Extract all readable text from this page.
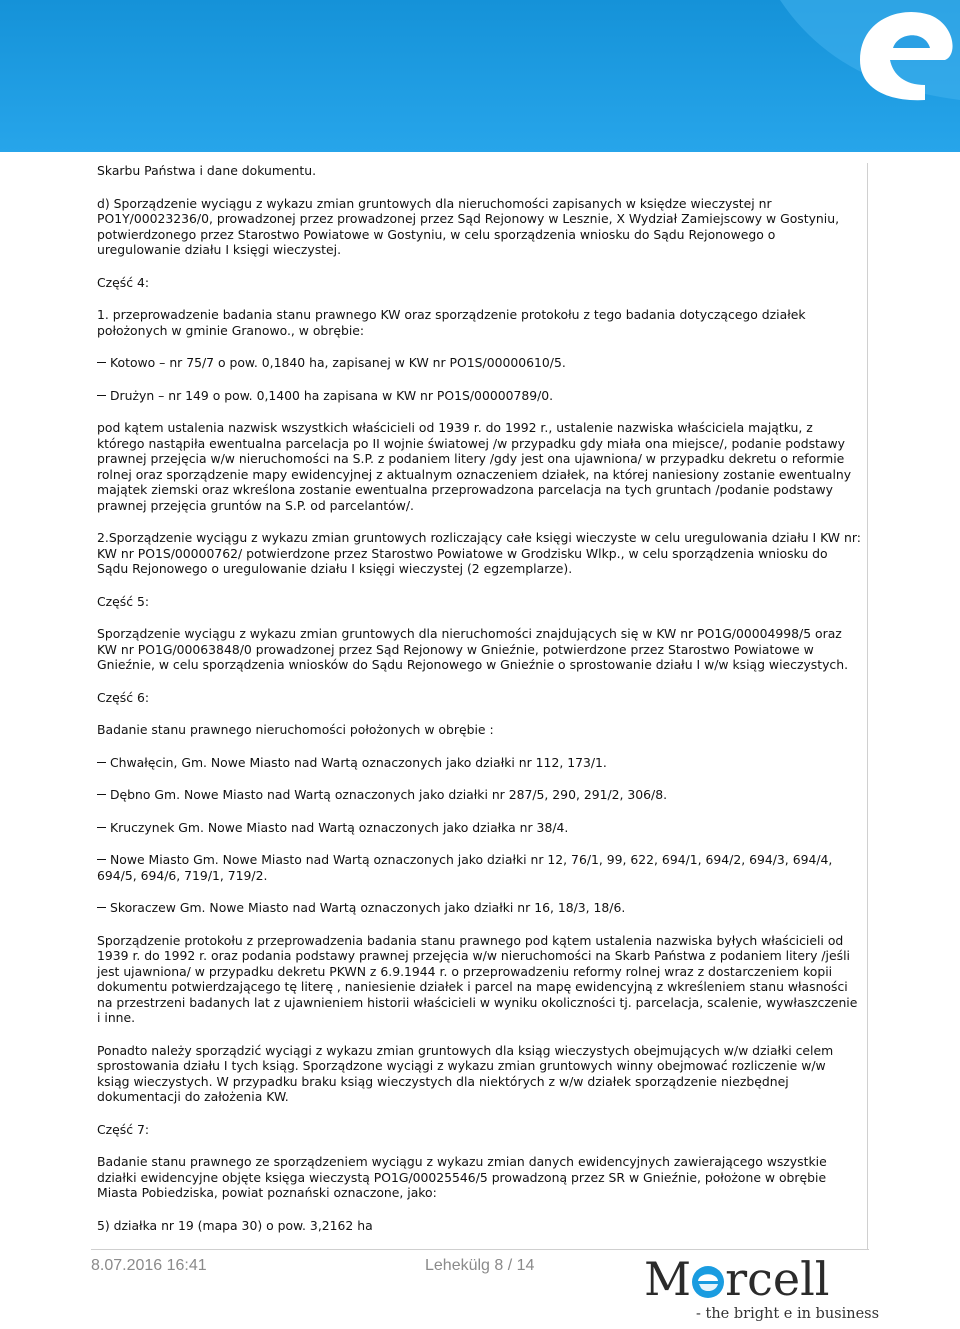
Skarbu Państwa i dane dokumentu.

d) Sporządzenie wyciągu z wykazu zmian gruntowych dla nieruchomości zapisanych w księdze wieczystej nr PO1Y/00023236/0, prowadzonej przez prowadzonej przez Sąd Rejonowy w Lesznie, X Wydział Zamiejscowy w Gostyniu, potwierdzonego przez Starostwo Powiatowe w Gostyniu, w celu sporządzenia wniosku do Sądu Rejonowego o uregulowanie działu I księgi wieczystej.

Część 4:

1. przeprowadzenie badania stanu prawnego KW oraz sporządzenie protokołu z tego badania dotyczącego działek położonych w gminie Granowo., w obrębie:

Kotowo – nr 75/7 o pow. 0,1840 ha, zapisanej w KW nr PO1S/00000610/5.

Drużyn – nr 149 o pow. 0,1400 ha zapisana w KW nr PO1S/00000789/0.

pod kątem ustalenia nazwisk wszystkich właścicieli od 1939 r. do 1992 r., ustalenie nazwiska właściciela majątku, z którego nastąpiła ewentualna parcelacja po II wojnie światowej /w przypadku gdy miała ona miejsce/, podanie podstawy prawnej przejęcia w/w nieruchomości na S.P. z podaniem litery /gdy jest ona ujawniona/ w przypadku dekretu o reformie rolnej oraz sporządzenie mapy ewidencyjnej z aktualnym oznaczeniem działek, na której naniesiony zostanie ewentualny majątek ziemski oraz wkreślona zostanie ewentualna przeprowadzona parcelacja na tych gruntach /podanie podstawy prawnej przejęcia gruntów na S.P. od parcelantów/.

2.Sporządzenie wyciągu z wykazu zmian gruntowych rozliczający całe księgi wieczyste w celu uregulowania działu I KW nr: KW nr PO1S/00000762/ potwierdzone przez Starostwo Powiatowe w Grodzisku Wlkp., w celu sporządzenia wniosku do Sądu Rejonowego o uregulowanie działu I księgi wieczystej (2 egzemplarze).

Część 5:

Sporządzenie wyciągu z wykazu zmian gruntowych dla nieruchomości znajdujących się w KW nr PO1G/00004998/5 oraz KW nr PO1G/00063848/0 prowadzonej przez Sąd Rejonowy w Gnieźnie, potwierdzone przez Starostwo Powiatowe w Gnieźnie, w celu sporządzenia wniosków do Sądu Rejonowego w Gnieźnie o sprostowanie działu I w/w ksiąg wieczystych.

Część 6:

Badanie stanu prawnego nieruchomości położonych w obrębie :

Chwałęcin, Gm. Nowe Miasto nad Wartą oznaczonych jako działki nr 112, 173/1.

Dębno Gm. Nowe Miasto nad Wartą oznaczonych jako działki nr 287/5, 290, 291/2, 306/8.

Kruczynek Gm. Nowe Miasto nad Wartą oznaczonych jako działka nr 38/4.

Nowe Miasto Gm. Nowe Miasto nad Wartą oznaczonych jako działki nr 12, 76/1, 99, 622, 694/1, 694/2, 694/3, 694/4, 694/5, 694/6, 719/1, 719/2.

Skoraczew Gm. Nowe Miasto nad Wartą oznaczonych jako działki nr 16, 18/3, 18/6.

Sporządzenie protokołu z przeprowadzenia badania stanu prawnego pod kątem ustalenia nazwiska byłych właścicieli od 1939 r. do 1992 r. oraz podania podstawy prawnej przejęcia w/w nieruchomości na Skarb Państwa z podaniem litery /jeśli jest ujawniona/ w przypadku dekretu PKWN z 6.9.1944 r. o przeprowadzeniu reformy rolnej wraz z dostarczeniem kopii dokumentu potwierdzającego tę literę , naniesienie działek i parcel na mapę ewidencyjną z wkreśleniem stanu własności na przestrzeni badanych lat z ujawnieniem historii właścicieli w wyniku okoliczności tj. parcelacja, scalenie, wywłaszczenie i inne.

Ponadto należy sporządzić wyciągi z wykazu zmian gruntowych dla ksiąg wieczystych obejmujących w/w działki celem sprostowania działu I tych ksiąg. Sporządzone wyciągi z wykazu zmian gruntowych winny obejmować rozliczenie w/w ksiąg wieczystych. W przypadku braku ksiąg wieczystych dla niektórych z w/w działek sporządzenie niezbędnej dokumentacji do założenia KW.

Część 7:

Badanie stanu prawnego ze sporządzeniem wyciągu z wykazu zmian danych ewidencyjnych zawierającego wszystkie działki ewidencyjne objęte księga wieczystą PO1G/00025546/5 prowadzoną przez SR w Gnieźnie, położone w obrębie Miasta Pobiedziska, powiat poznański oznaczone, jako:

5) działka nr 19 (mapa 30) o pow. 3,2162 ha

8.07.2016 16:41	Lehekülg 8 / 14 M rcell
- the bright e in business
